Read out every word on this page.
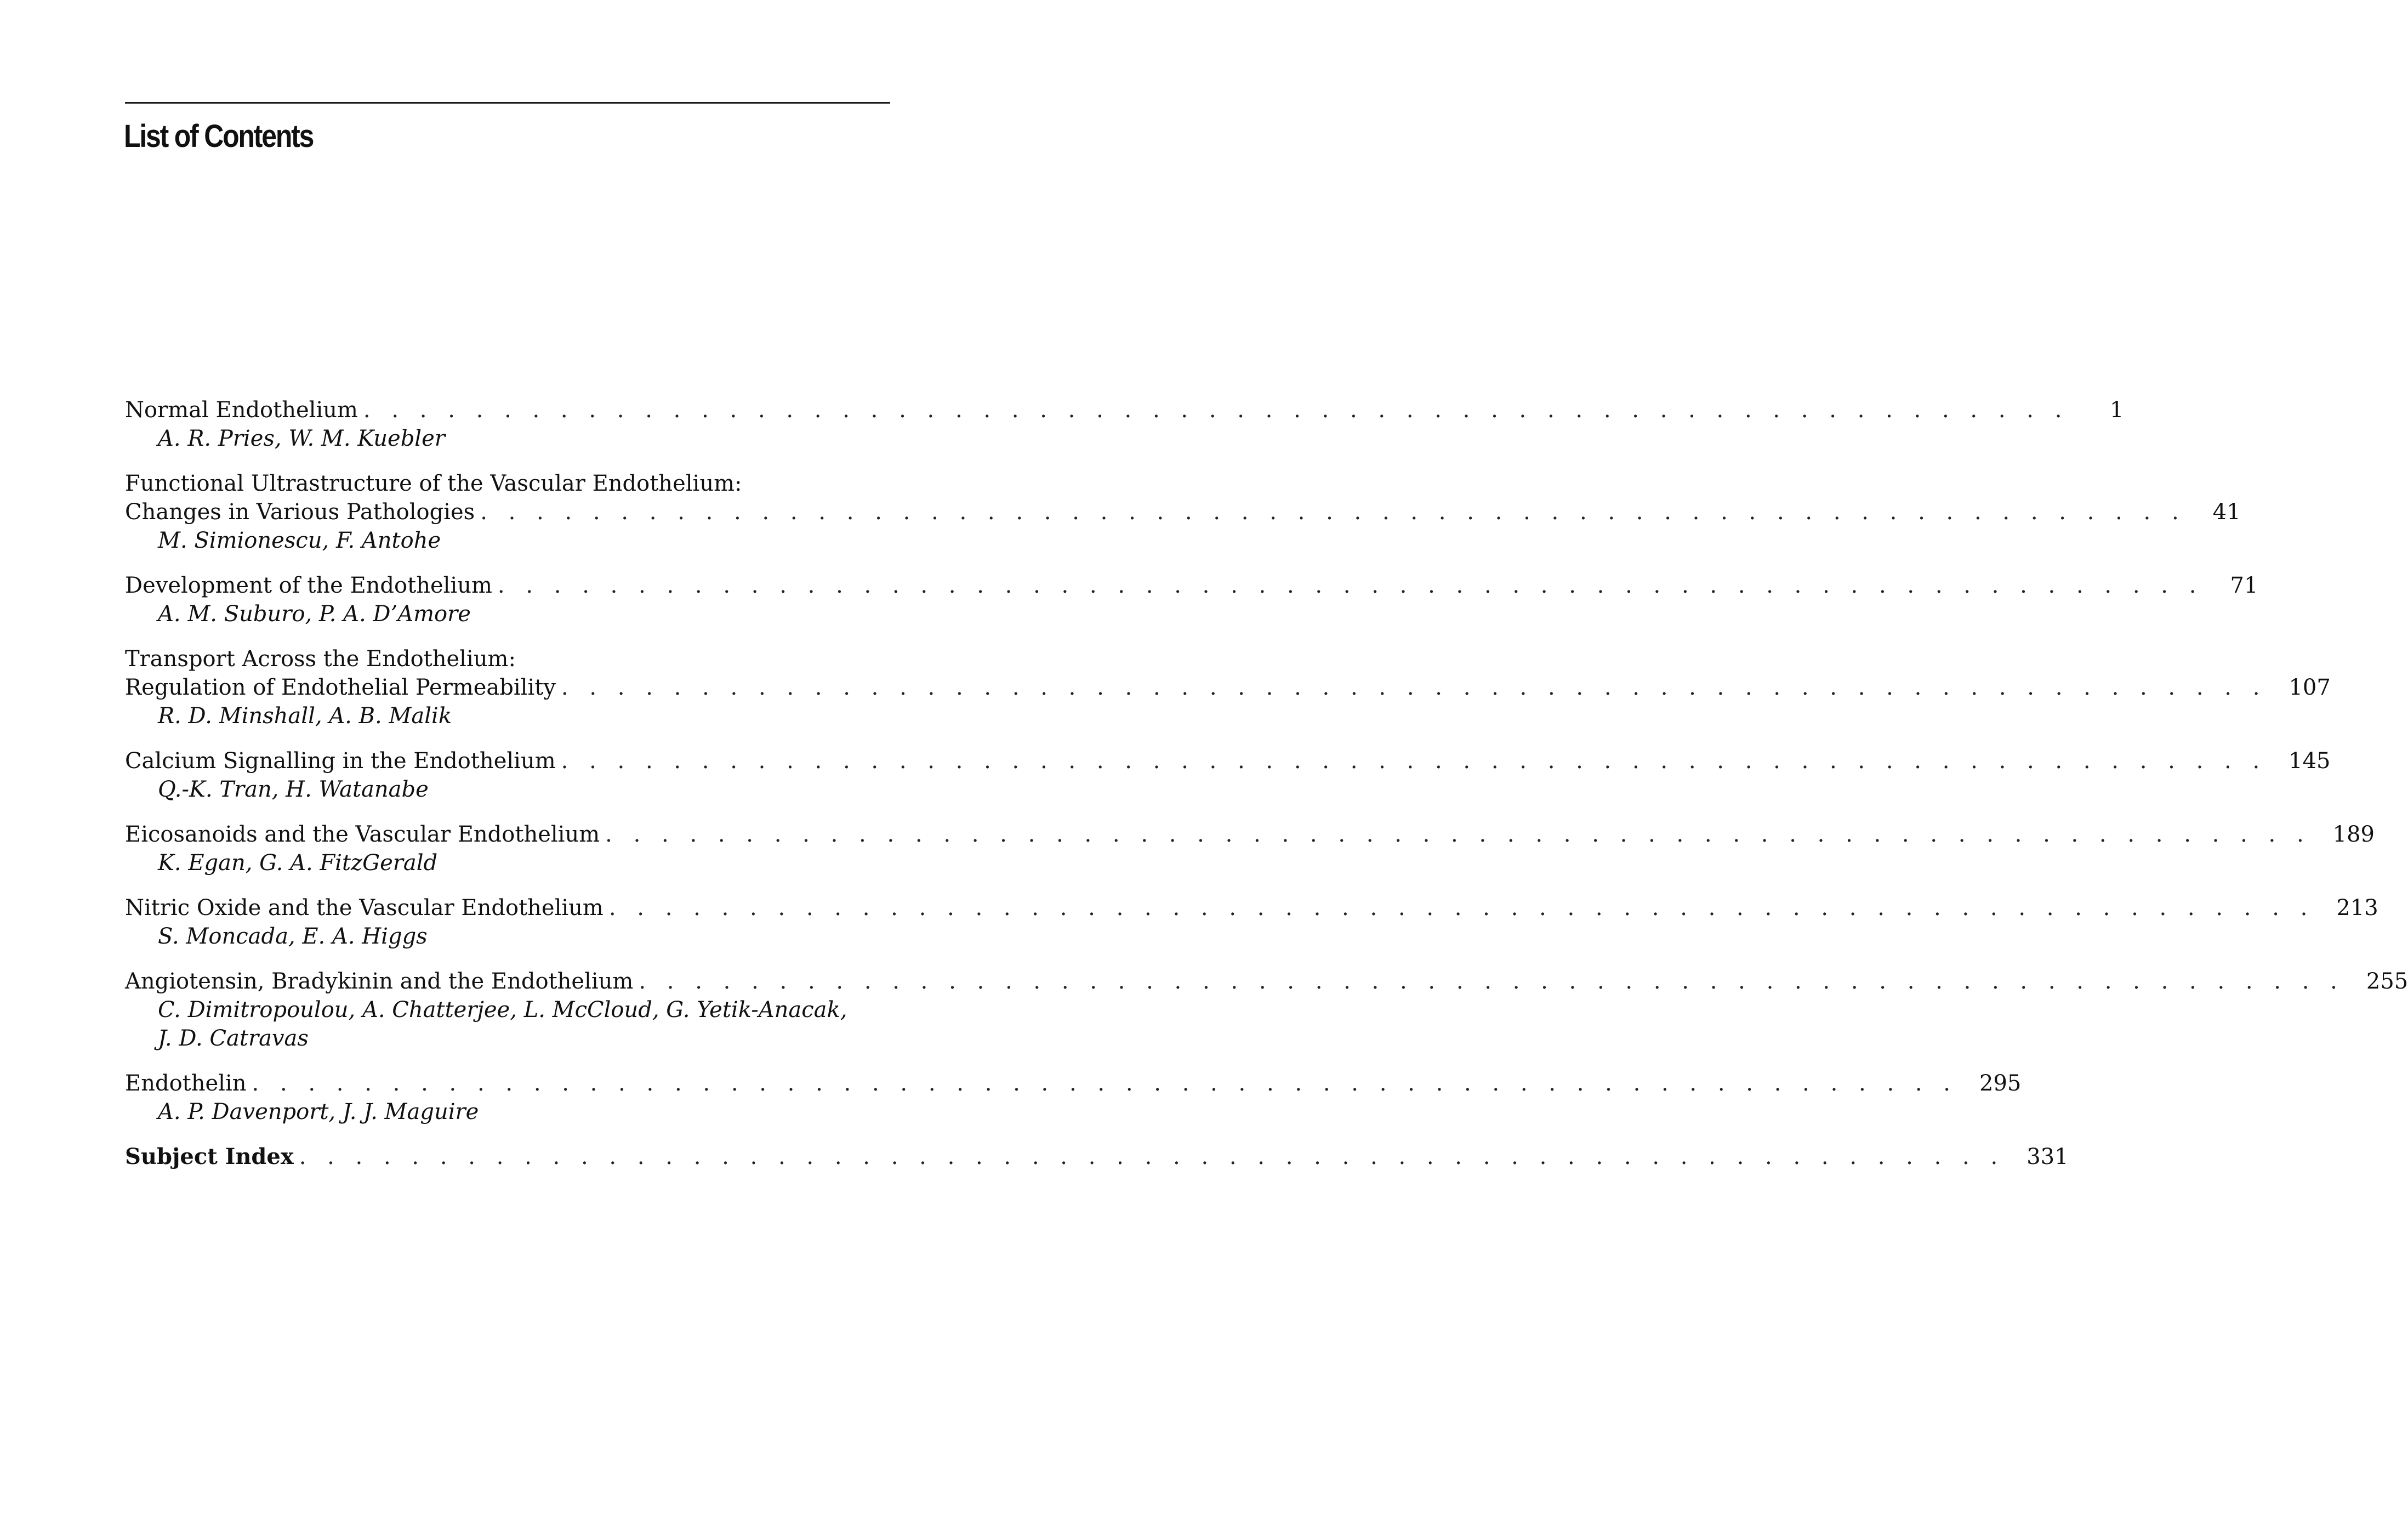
List of Contents
Normal Endothelium . . . . . . . . . . . . . . . . . . . . . . . . . . . . . . . . . . . . . . . . . . . . . . . . . . . . . . . . . . . . .	1
A. R. Pries, W. M. Kuebler
Functional Ultrastructure of the Vascular Endothelium:
Changes in Various Pathologies . . . . . . . . . . . . . . . . . . . . . . . . . . . . . . . . . . . . . . . . . . . . . . . . . . . . . . . . . . . . . 41
M. Simionescu, F. Antohe
Development of the Endothelium . . . . . . . . . . . . . . . . . . . . . . . . . . . . . . . . . . . . . . . . . . . . . . . . . . . . . . . . . . . . . 71
A. M. Suburo, P. A. D’Amore
Transport Across the Endothelium:
Regulation of Endothelial Permeability . . . . . . . . . . . . . . . . . . . . . . . . . . . . . . . . . . . . . . . . . . . . . . . . . . . . . . . . . . . . . 107
R. D. Minshall, A. B. Malik
Calcium Signalling in the Endothelium . . . . . . . . . . . . . . . . . . . . . . . . . . . . . . . . . . . . . . . . . . . . . . . . . . . . . . . . . . . . . 145
Q.-K. Tran, H. Watanabe
Eicosanoids and the Vascular Endothelium . . . . . . . . . . . . . . . . . . . . . . . . . . . . . . . . . . . . . . . . . . . . . . . . . . . . . . . . . . . . . 189
K. Egan, G. A. FitzGerald
Nitric Oxide and the Vascular Endothelium . . . . . . . . . . . . . . . . . . . . . . . . . . . . . . . . . . . . . . . . . . . . . . . . . . . . . . . . . . . . . 213
S. Moncada, E. A. Higgs
Angiotensin, Bradykinin and the Endothelium . . . . . . . . . . . . . . . . . . . . . . . . . . . . . . . . . . . . . . . . . . . . . . . . . . . . . . . . . . . . . 255
C. Dimitropoulou, A. Chatterjee, L. McCloud, G. Yetik-Anacak,
J. D. Catravas
Endothelin . . . . . . . . . . . . . . . . . . . . . . . . . . . . . . . . . . . . . . . . . . . . . . . . . . . . . . . . . . . . . 295
A. P. Davenport, J. J. Maguire
Subject Index . . . . . . . . . . . . . . . . . . . . . . . . . . . . . . . . . . . . . . . . . . . . . . . . . . . . . . . . . . . . . 331
